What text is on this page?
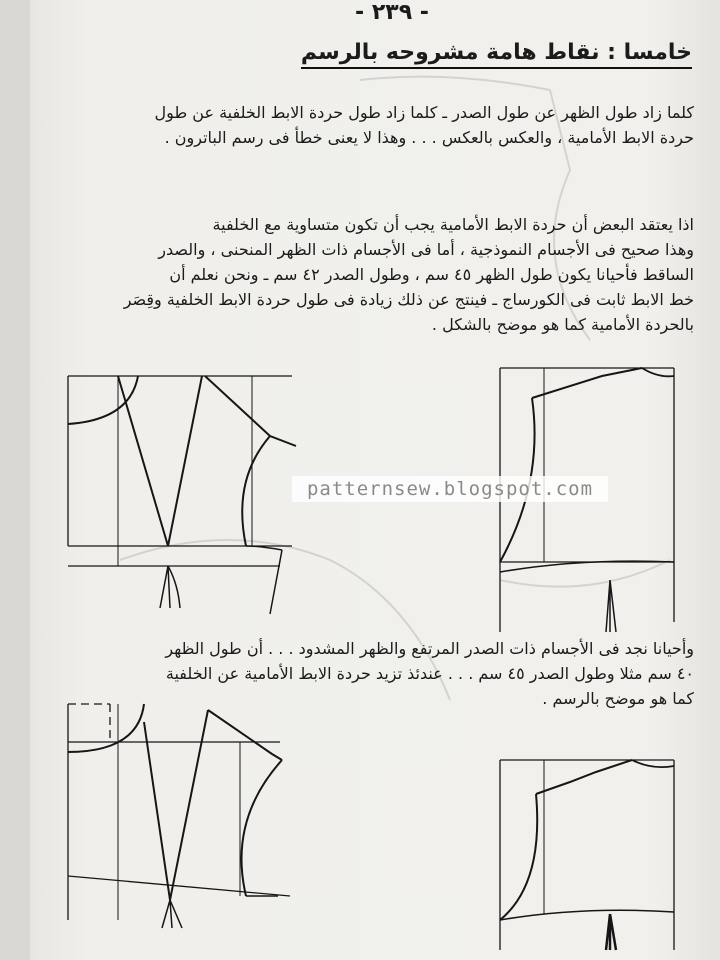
- ٢٣٩ -
خامسا : نقاط هامة مشروحه بالرسم
كلما زاد طول الظهر عن طول الصدر ـ كلما زاد طول حردة الابط الخلفية عن طول
حردة الابط الأمامية ، والعكس بالعكس . . . وهذا لا يعنى خطأ فى رسم الباترون .
اذا يعتقد البعض أن حردة الابط الأمامية يجب أن تكون متساوية مع الخلفية
وهذا صحيح فى الأجسام النموذجية ، أما فى الأجسام ذات الظهر المنحنى ، والصدر
الساقط فأحيانا يكون طول الظهر ٤٥ سم ، وطول الصدر ٤٢ سم ـ ونحن نعلم أن
خط الابط ثابت فى الكورساج ـ فينتج عن ذلك زيادة فى طول حردة الابط الخلفية وقِصَر
بالحردة الأمامية كما هو موضح بالشكل .
وأحيانا نجد فى الأجسام ذات الصدر المرتفع والظهر المشدود . . . أن طول الظهر
٤٠ سم مثلا وطول الصدر ٤٥ سم . . . عندئذ تزيد حردة الابط الأمامية عن الخلفية
كما هو موضح بالرسم .
patternsew.blogspot.com
